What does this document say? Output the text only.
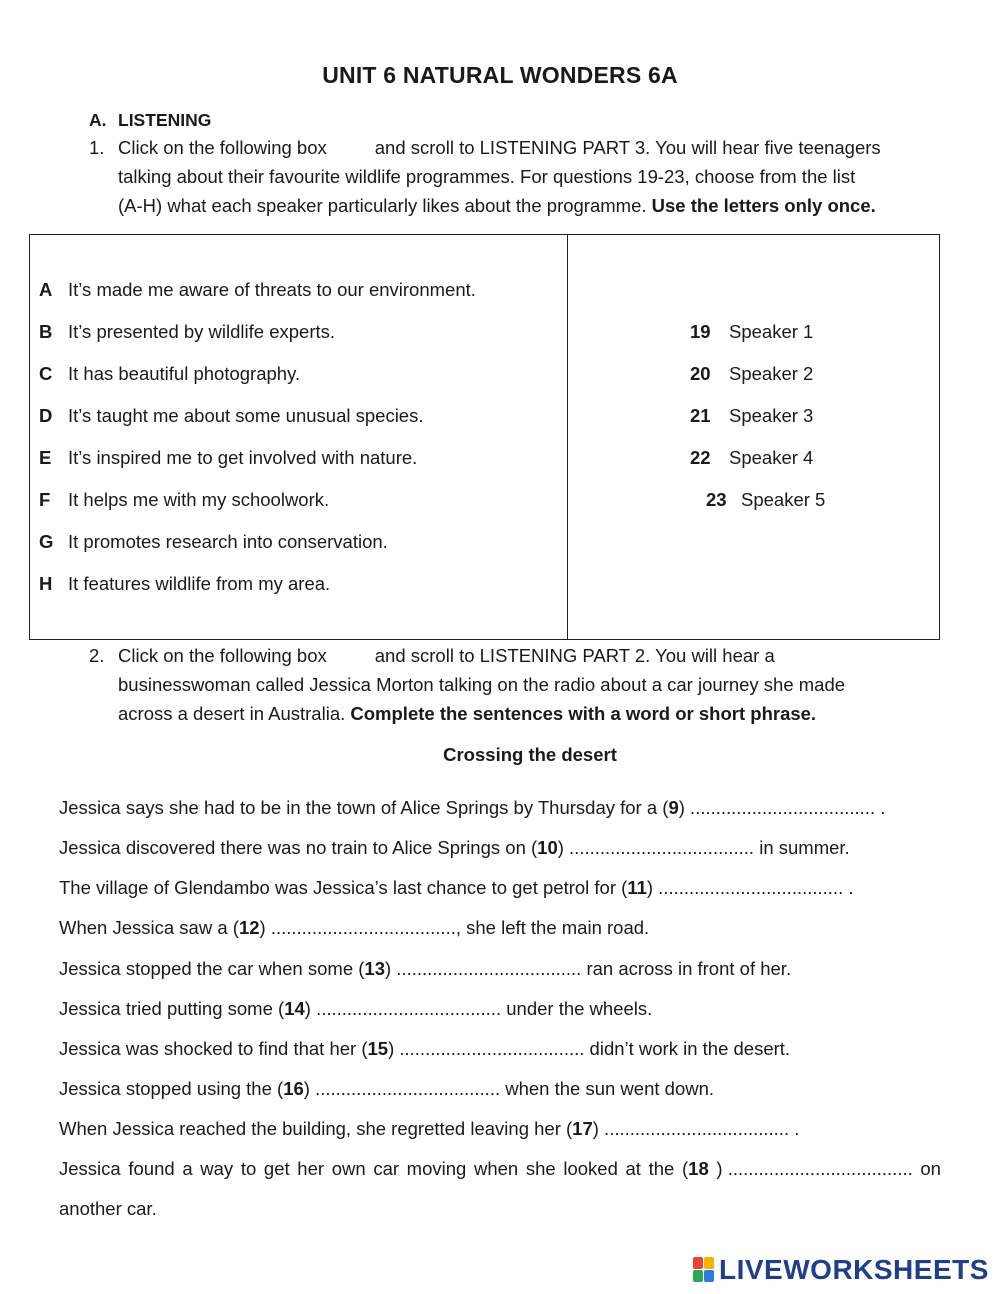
UNIT 6 NATURAL WONDERS 6A
A. LISTENING
1. Click on the following box	and scroll to LISTENING PART 3. You will hear five teenagers
talking about their favourite wildlife programmes. For questions 19-23, choose from the list
(A-H) what each speaker particularly likes about the programme. Use the letters only once.
A It’s made me aware of threats to our environment.
B It’s presented by wildlife experts.
C It has beautiful photography.
D It’s taught me about some unusual species.
E It’s inspired me to get involved with nature.
F It helps me with my schoolwork.
G It promotes research into conservation.
H It features wildlife from my area.
19 Speaker 1
20 Speaker 2
21 Speaker 3
22 Speaker 4
23 Speaker 5
2. Click on the following box	and scroll to LISTENING PART 2. You will hear a
businesswoman called Jessica Morton talking on the radio about a car journey she made
across a desert in Australia. Complete the sentences with a word or short phrase.
Crossing the desert
Jessica says she had to be in the town of Alice Springs by Thursday for a (9) .................................... .
Jessica discovered there was no train to Alice Springs on (10) .................................... in summer.
The village of Glendambo was Jessica’s last chance to get petrol for (11) .................................... .
When Jessica saw a (12) ...................................., she left the main road.
Jessica stopped the car when some (13) .................................... ran across in front of her.
Jessica tried putting some (14) .................................... under the wheels.
Jessica was shocked to find that her (15) .................................... didn’t work in the desert.
Jessica stopped using the (16) .................................... when the sun went down.
When Jessica reached the building, she regretted leaving her (17) .................................... .
Jessica found a way to get her own car moving when she looked at the (18 ) .................................... on
another car.
LIVEWORKSHEETS
